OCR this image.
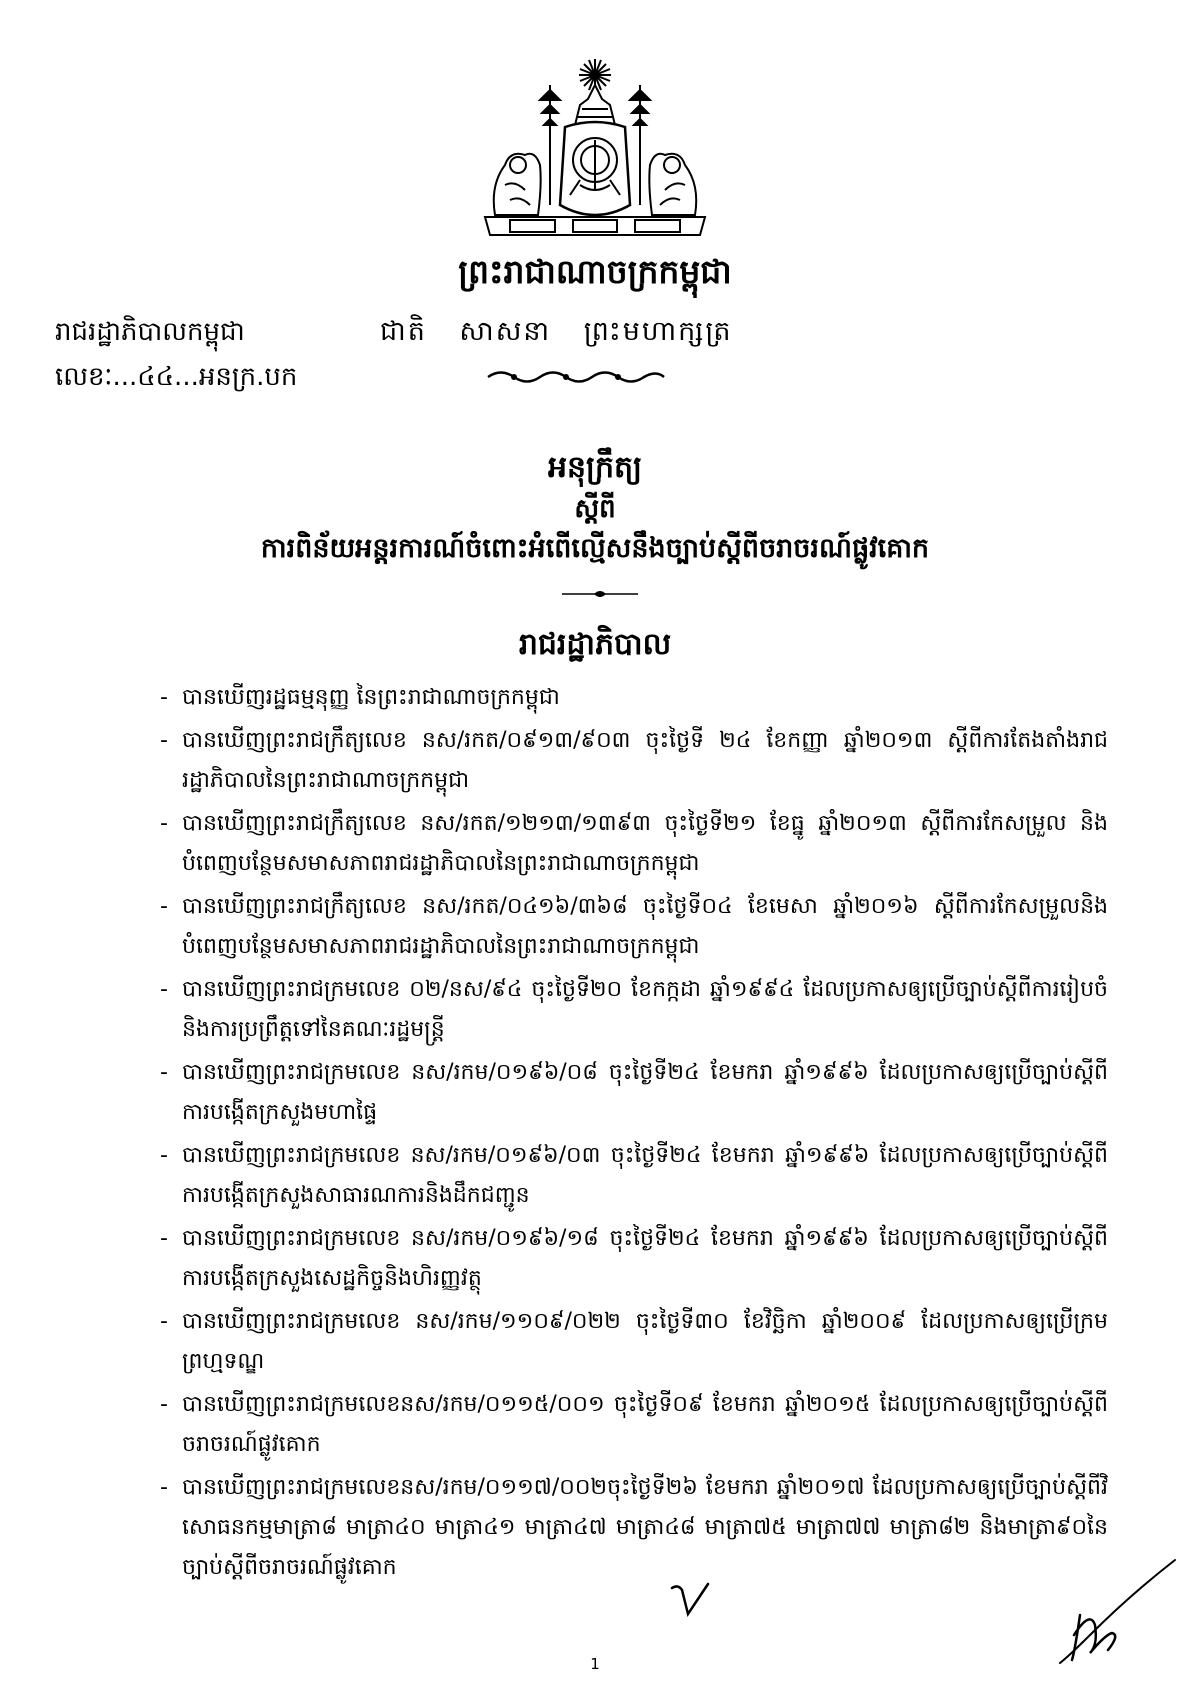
ព្រះរាជាណាចក្រកម្ពុជា
រាជរដ្ឋាភិបាលកម្ពុជា	ជាតិ សាសនា ព្រះមហាក្សត្រ
លេខៈ...៤៤...អនក្រ.បក
អនុក្រឹត្យ
ស្តីពី
ការពិន័យអន្តរការណ៍ចំពោះអំពើល្មើសនឹងច្បាប់ស្តីពីចរាចរណ៍ផ្លូវគោក
រាជរដ្ឋាភិបាល
- បានឃើញរដ្ឋធម្មនុញ្ញ នៃព្រះរាជាណាចក្រកម្ពុជា
- បានឃើញព្រះរាជក្រឹត្យលេខ នស/រកត/០៩១៣/៩០៣ ចុះថ្ងៃទី ២៤ ខែកញ្ញា ឆ្នាំ២០១៣ ស្តីពីការតែងតាំងរាជរដ្ឋាភិបាលនៃព្រះរាជាណាចក្រកម្ពុជា
- បានឃើញព្រះរាជក្រឹត្យលេខ នស/រកត/១២១៣/១៣៩៣ ចុះថ្ងៃទី២១ ខែធ្នូ ឆ្នាំ២០១៣ ស្តីពីការកែសម្រួល និងបំពេញបន្ថែមសមាសភាពរាជរដ្ឋាភិបាលនៃព្រះរាជាណាចក្រកម្ពុជា
- បានឃើញព្រះរាជក្រឹត្យលេខ នស/រកត/០៤១៦/៣៦៨ ចុះថ្ងៃទី០៤ ខែមេសា ឆ្នាំ២០១៦ ស្តីពីការកែសម្រួលនិងបំពេញបន្ថែមសមាសភាពរាជរដ្ឋាភិបាលនៃព្រះរាជាណាចក្រកម្ពុជា
- បានឃើញព្រះរាជក្រមលេខ ០២/នស/៩៤ ចុះថ្ងៃទី២០ ខែកក្កដា ឆ្នាំ១៩៩៤ ដែលប្រកាសឲ្យប្រើច្បាប់ស្តីពីការរៀបចំនិងការប្រព្រឹត្តទៅនៃគណៈរដ្ឋមន្ត្រី
- បានឃើញព្រះរាជក្រមលេខ នស/រកម/០១៩៦/០៨ ចុះថ្ងៃទី២៤ ខែមករា ឆ្នាំ១៩៩៦ ដែលប្រកាសឲ្យប្រើច្បាប់ស្តីពីការបង្កើតក្រសួងមហាផ្ទៃ
- បានឃើញព្រះរាជក្រមលេខ នស/រកម/០១៩៦/០៣ ចុះថ្ងៃទី២៤ ខែមករា ឆ្នាំ១៩៩៦ ដែលប្រកាសឲ្យប្រើច្បាប់ស្តីពីការបង្កើតក្រសួងសាធារណការនិងដឹកជញ្ជូន
- បានឃើញព្រះរាជក្រមលេខ នស/រកម/០១៩៦/១៨ ចុះថ្ងៃទី២៤ ខែមករា ឆ្នាំ១៩៩៦ ដែលប្រកាសឲ្យប្រើច្បាប់ស្តីពីការបង្កើតក្រសួងសេដ្ឋកិច្ចនិងហិរញ្ញវត្ថុ
- បានឃើញព្រះរាជក្រមលេខ នស/រកម/១១០៩/០២២ ចុះថ្ងៃទី៣០ ខែវិច្ឆិកា ឆ្នាំ២០០៩ ដែលប្រកាសឲ្យប្រើក្រមព្រហ្មទណ្ឌ
- បានឃើញព្រះរាជក្រមលេខនស/រកម/០១១៥/០០១ ចុះថ្ងៃទី០៩ ខែមករា ឆ្នាំ២០១៥ ដែលប្រកាសឲ្យប្រើច្បាប់ស្តីពីចរាចរណ៍ផ្លូវគោក
- បានឃើញព្រះរាជក្រមលេខនស/រកម/០១១៧/០០២ចុះថ្ងៃទី២៦ ខែមករា ឆ្នាំ២០១៧ ដែលប្រកាសឲ្យប្រើច្បាប់ស្តីពីវិសោធនកម្មមាត្រា៨ មាត្រា៤០ មាត្រា៤១ មាត្រា៤៧ មាត្រា៤៨ មាត្រា៧៥ មាត្រា៧៧ មាត្រា៨២ និងមាត្រា៩០នៃច្បាប់ស្តីពីចរាចរណ៍ផ្លូវគោក
1
